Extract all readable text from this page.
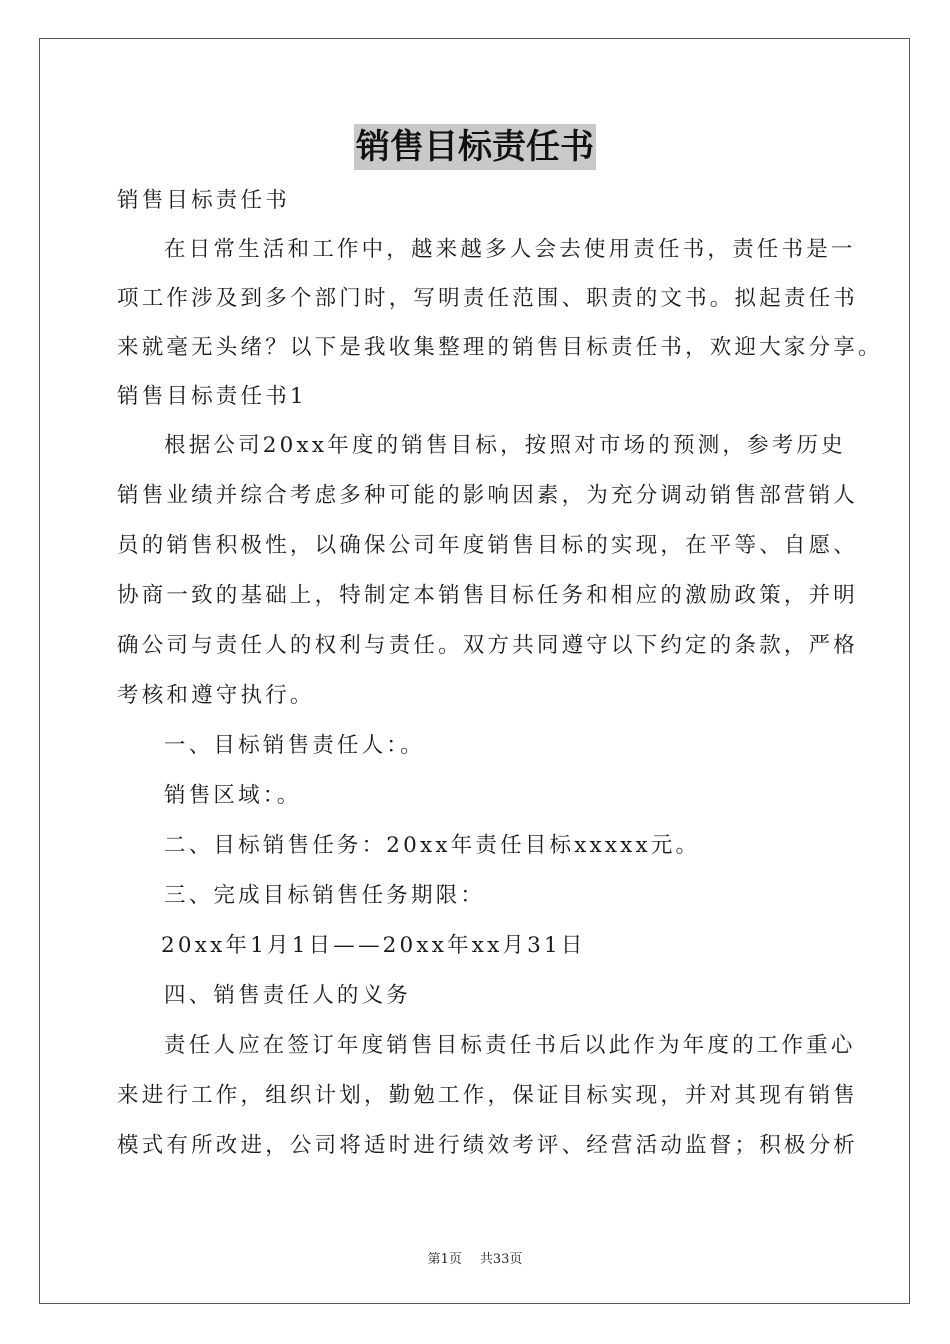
销售目标责任书
销售目标责任书
在日常生活和工作中，越来越多人会去使用责任书，责任书是一
项工作涉及到多个部门时，写明责任范围、职责的文书。拟起责任书
来就毫无头绪？以下是我收集整理的销售目标责任书，欢迎大家分享。
销售目标责任书1
根据公司20xx年度的销售目标，按照对市场的预测，参考历史
销售业绩并综合考虑多种可能的影响因素，为充分调动销售部营销人
员的销售积极性，以确保公司年度销售目标的实现，在平等、自愿、
协商一致的基础上，特制定本销售目标任务和相应的激励政策，并明
确公司与责任人的权利与责任。双方共同遵守以下约定的条款，严格
考核和遵守执行。
一、目标销售责任人：。
销售区域：。
二、目标销售任务：20xx年责任目标xxxxx元。
三、完成目标销售任务期限：
20xx年1月1日——20xx年xx月31日
四、销售责任人的义务
责任人应在签订年度销售目标责任书后以此作为年度的工作重心
来进行工作，组织计划，勤勉工作，保证目标实现，并对其现有销售
模式有所改进，公司将适时进行绩效考评、经营活动监督；积极分析
第1页 共33页
